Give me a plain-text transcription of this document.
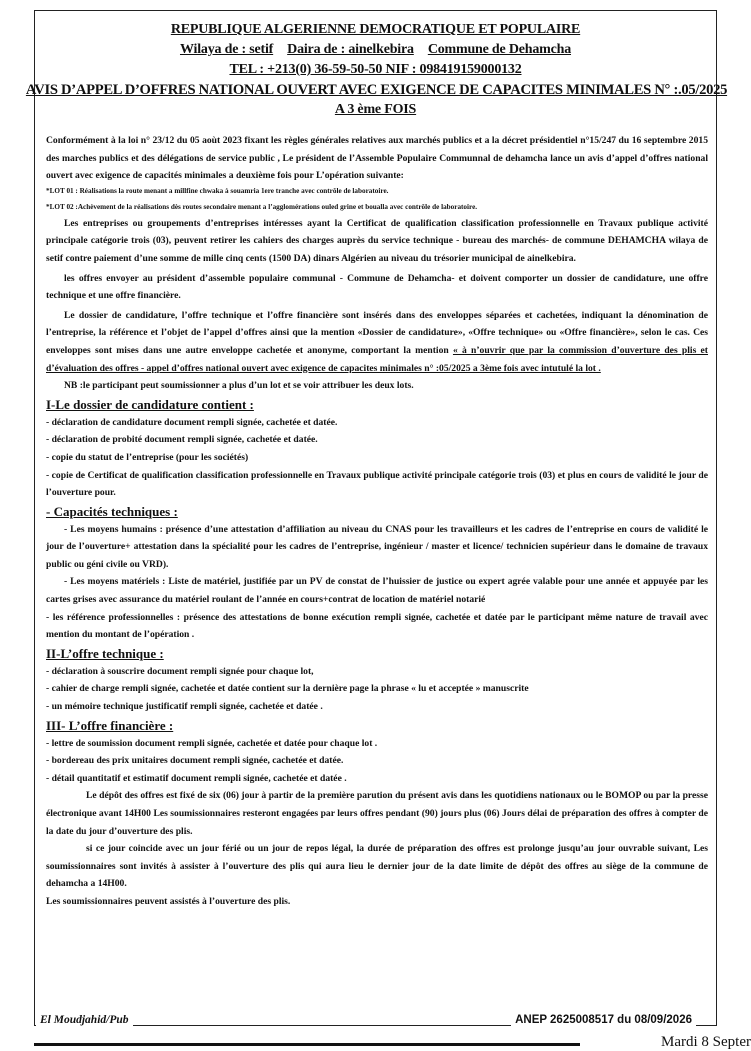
REPUBLIQUE ALGERIENNE DEMOCRATIQUE ET POPULAIRE
Wilaya de : setif Daira de : ainelkebira Commune de Dehamcha
TEL : +213(0) 36-59-50-50 NIF : 098419159000132
AVIS D’APPEL D’OFFRES NATIONAL OUVERT AVEC EXIGENCE DE CAPACITES MINIMALES N° :.05/2025
A 3 ème FOIS

Conformément à la loi n° 23/12 du 05 aoùt 2023 fixant les règles générales relatives aux marchés publics et a la décret présidentiel n°15/247 du 16 septembre 2015 des marches publics et des délégations de service public , Le président de l’Assemble Populaire Communnal de dehamcha lance un avis d’appel d’offres national ouvert avec exigence de capacités minimales a deuxième fois pour L’opération suivante:

*LOT 01 : Réalisations la route menant a millfine chwaka à souamria 1ere tranche avec contrôle de laboratoire.

*LOT 02 :Achèvement de la réalisations dès routes secondaire menant a l’agglomérations ouled grine et boualla avec contrôle de laboratoire.

Les entreprises ou groupements d’entreprises intéresses ayant la Certificat de qualification classification professionnelle en Travaux publique activité principale catégorie trois (03), peuvent retirer les cahiers des charges auprès du service technique - bureau des marchés- de commune DEHAMCHA wilaya de setif contre paiement d’une somme de mille cinq cents (1500 DA) dinars Algérien au niveau du trésorier municipal de ainelkebira.

les offres envoyer au président d’assemble populaire communal - Commune de Dehamcha- et doivent comporter un dossier de candidature, une offre technique et une offre financière.

Le dossier de candidature, l’offre technique et l’offre financière sont insérés dans des enveloppes séparées et cachetées, indiquant la dénomination de l’entreprise, la référence et l’objet de l’appel d’offres ainsi que la mention «Dossier de candidature», «Offre technique» ou «Offre financière», selon le cas. Ces enveloppes sont mises dans une autre enveloppe cachetée et anonyme, comportant la mention « à n’ouvrir que par la commission d’ouverture des plis et d’évaluation des offres - appel d’offres national ouvert avec exigence de capacites minimales n° :05/2025 a 3ème fois avec intutulé la lot .

NB :le participant peut soumissionner a plus d’un lot et se voir attribuer les deux lots.

I-Le dossier de candidature contient :

- déclaration de candidature document rempli signée, cachetée et datée.

- déclaration de probité document rempli signée, cachetée et datée.

- copie du statut de l’entreprise (pour les sociétés)

- copie de Certificat de qualification classification professionnelle en Travaux publique activité principale catégorie trois (03) et plus en cours de validité le jour de l’ouverture pour.

- Capacités techniques :

- Les moyens humains : présence d’une attestation d’affiliation au niveau du CNAS pour les travailleurs et les cadres de l’entreprise en cours de validité le jour de l’ouverture+ attestation dans la spécialité pour les cadres de l’entreprise, ingénieur / master et licence/ technicien supérieur dans le domaine de travaux public ou géni civile ou VRD).

- Les moyens matériels : Liste de matériel, justifiée par un PV de constat de l’huissier de justice ou expert agrée valable pour une année et appuyée par les cartes grises avec assurance du matériel roulant de l’année en cours+contrat de location de matériel notarié

- les référence professionnelles : présence des attestations de bonne exécution rempli signée, cachetée et datée par le participant même nature de travail avec mention du montant de l’opération .

II-L’offre technique :

- déclaration à souscrire document rempli signée pour chaque lot,

- cahier de charge rempli signée, cachetée et datée contient sur la dernière page la phrase « lu et acceptée » manuscrite

- un mémoire technique justificatif rempli signée, cachetée et datée .

III- L’offre financière :

- lettre de soumission document rempli signée, cachetée et datée pour chaque lot .

- bordereau des prix unitaires document rempli signée, cachetée et datée.

- détail quantitatif et estimatif document rempli signée, cachetée et datée .

Le dépôt des offres est fixé de six (06) jour à partir de la première parution du présent avis dans les quotidiens nationaux ou le BOMOP ou par la presse électronique avant 14H00 Les soumissionnaires resteront engagées par leurs offres pendant (90) jours plus (06) Jours délai de préparation des offres à compter de la date du jour d’ouverture des plis.

si ce jour coincide avec un jour férié ou un jour de repos légal, la durée de préparation des offres est prolonge jusqu’au jour ouvrable suivant, Les soumissionnaires sont invités à assister à l’ouverture des plis qui aura lieu le dernier jour de la date limite de dépôt des offres au siège de la commune de dehamcha a 14H00.

Les soumissionnaires peuvent assistés à l’ouverture des plis.

El Moudjahid/Pub	ANEP 2625008517 du 08/09/2026
Mardi 8 Septer
